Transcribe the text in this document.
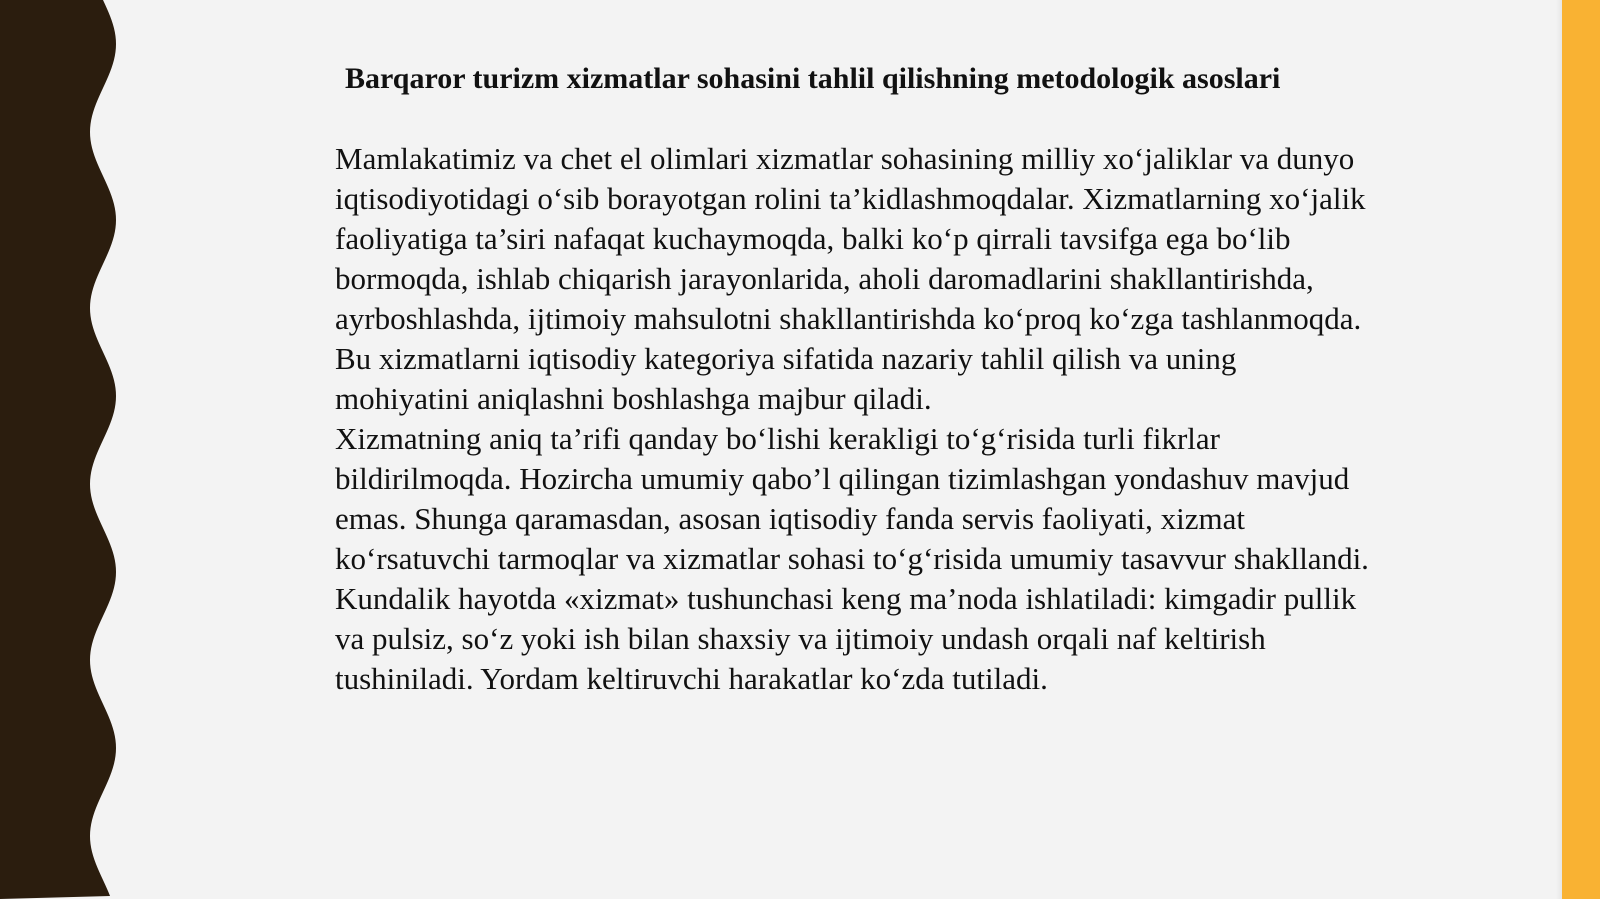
Barqaror turizm xizmatlar sohasini tahlil qilishning metodologik asoslari

Mamlakatimiz va chet el olimlari xizmatlar sohasining milliy xo‘jaliklar va dunyo iqtisodiyotidagi o‘sib borayotgan rolini ta’kidlashmoqdalar. Xizmatlarning xo‘jalik faoliyatiga ta’siri nafaqat kuchaymoqda, balki ko‘p qirrali tavsifga ega bo‘lib bormoqda, ishlab chiqarish jarayonlarida, aholi daromadlarini shakllantirishda, ayrboshlashda, ijtimoiy mahsulotni shakllantirishda ko‘proq ko‘zga tashlanmoqda. Bu xizmatlarni iqtisodiy kategoriya sifatida nazariy tahlil qilish va uning mohiyatini aniqlashni boshlashga majbur qiladi.

Xizmatning aniq ta’rifi qanday bo‘lishi kerakligi to‘g‘risida turli fikrlar bildirilmoqda. Hozircha umumiy qabo’l qilingan tizimlashgan yondashuv mavjud emas. Shunga qaramasdan, asosan iqtisodiy fanda servis faoliyati, xizmat ko‘rsatuvchi tarmoqlar va xizmatlar sohasi to‘g‘risida umumiy tasavvur shakllandi.

Kundalik hayotda «xizmat» tushunchasi keng ma’noda ishlatiladi: kimgadir pullik va pulsiz, so‘z yoki ish bilan shaxsiy va ijtimoiy undash orqali naf keltirish tushiniladi. Yordam keltiruvchi harakatlar ko‘zda tutiladi.
